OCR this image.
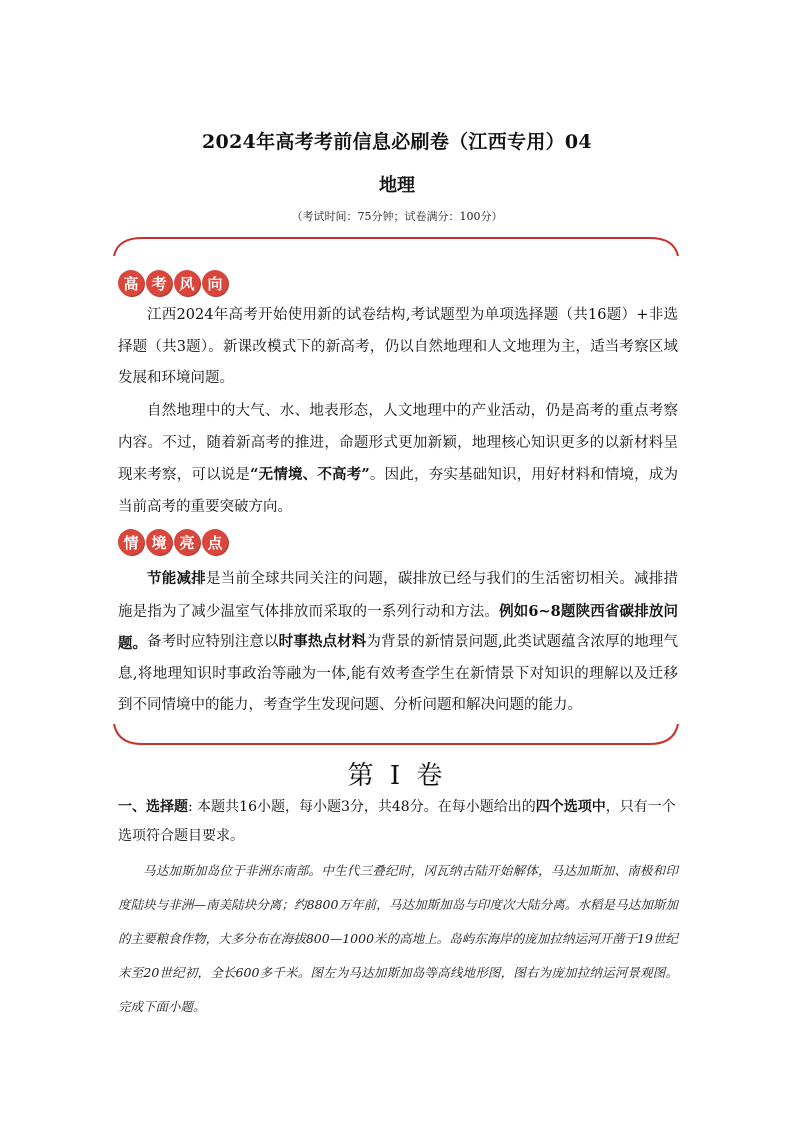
2024年高考考前信息必刷卷（江西专用）04
地理
（考试时间：75分钟；试卷满分：100分）
高 考 风 向

江西2024年高考开始使用新的试卷结构,考试题型为单项选择题（共16题）+非选择题（共3题）。新课改模式下的新高考，仍以自然地理和人文地理为主，适当考察区域发展和环境问题。

自然地理中的大气、水、地表形态，人文地理中的产业活动，仍是高考的重点考察内容。不过，随着新高考的推进，命题形式更加新颖，地理核心知识更多的以新材料呈现来考察，可以说是“无情境、不高考”。因此，夯实基础知识，用好材料和情境，成为当前高考的重要突破方向。

情 境 亮 点

节能减排是当前全球共同关注的问题，碳排放已经与我们的生活密切相关。减排措施是指为了减少温室气体排放而采取的一系列行动和方法。例如6~8题陕西省碳排放问题。 备考时应特别注意以时事热点材料为背景的新情景问题,此类试题蕴含浓厚的地理气息,将地理知识时事政治等融为一体,能有效考查学生在新情景下对知识的理解以及迁移到不同情境中的能力，考查学生发现问题、分析问题和解决问题的能力。

第 I 卷

一、选择题: 本题共16小题，每小题3分，共48分。在每小题给出的四个选项中，只有一个选项符合题目要求。

马达加斯加岛位于非洲东南部。中生代三叠纪时，冈瓦纳古陆开始解体，马达加斯加、南极和印度陆块与非洲—南美陆块分离；约8800万年前，马达加斯加岛与印度次大陆分离。水稻是马达加斯加的主要粮食作物，大多分布在海拔800—1000米的高地上。岛屿东海岸的庞加拉纳运河开凿于19世纪末至20世纪初，全长600多千米。图左为马达加斯加岛等高线地形图，图右为庞加拉纳运河景观图。完成下面小题。
